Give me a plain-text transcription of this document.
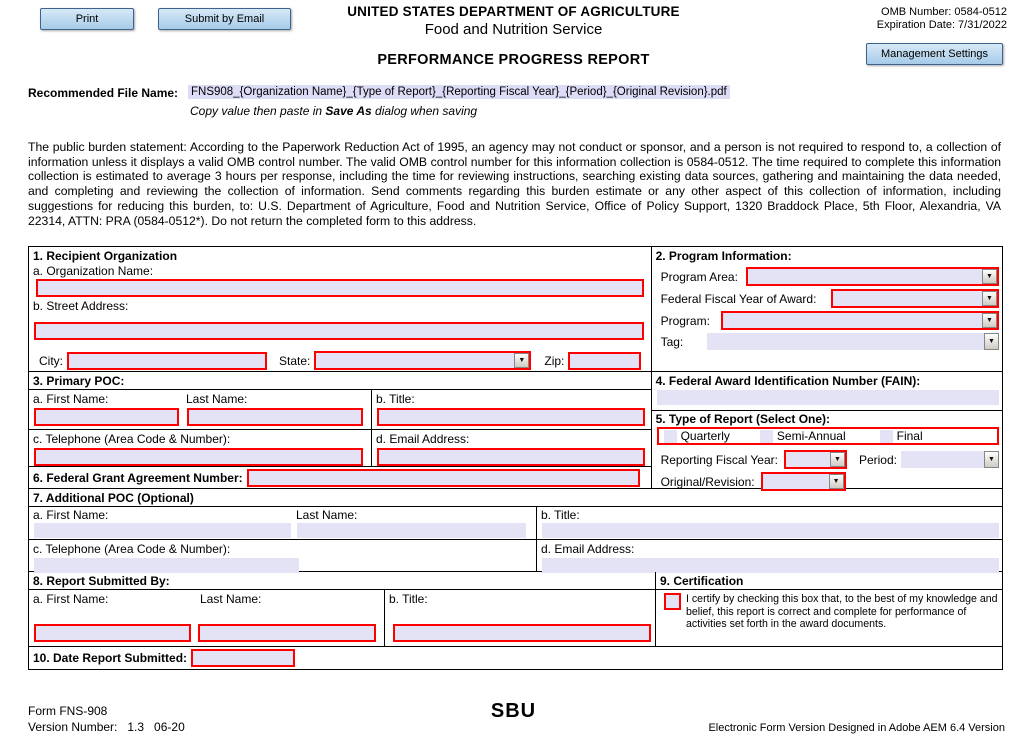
Print	Submit by Email	UNITED STATES DEPARTMENT OF AGRICULTURE
Food and Nutrition Service
OMB Number: 0584-0512
Expiration Date: 7/31/2022
PERFORMANCE PROGRESS REPORT	Management Settings
Recommended File Name: FNS908_{Organization Name}_{Type of Report}_{Reporting Fiscal Year}_{Period}_{Original Revision}.pdf
Copy value then paste in Save As dialog when saving
The public burden statement: According to the Paperwork Reduction Act of 1995, an agency may not conduct or sponsor, and a person is not required to respond to, a collection of information unless it displays a valid OMB control number. The valid OMB control number for this information collection is 0584-0512. The time required to complete this information collection is estimated to average 3 hours per response, including the time for reviewing instructions, searching existing data sources, gathering and maintaining the data needed, and completing and reviewing the collection of information. Send comments regarding this burden estimate or any other aspect of this collection of information, including suggestions for reducing this burden, to: U.S. Department of Agriculture, Food and Nutrition Service, Office of Policy Support, 1320 Braddock Place, 5th Floor, Alexandria, VA 22314, ATTN: PRA (0584-0512*). Do not return the completed form to this address.
1. Recipient Organization
a. Organization Name:
b. Street Address:
City:	State:	▼	Zip:
3. Primary POC:
a. First Name:	Last Name:	b. Title:
c. Telephone (Area Code & Number):	d. Email Address:
6. Federal Grant Agreement Number:
2. Program Information:
Program Area:	▼
Federal Fiscal Year of Award:	▼
Program:	▼
Tag:	▼
4. Federal Award Identification Number (FAIN):
5. Type of Report (Select One):
Quarterly	Semi-Annual	Final
Reporting Fiscal Year:	▼	Period:	▼
Original/Revision:	▼
7. Additional POC (Optional)
a. First Name:	Last Name:	b. Title:
c. Telephone (Area Code & Number):	d. Email Address:
8. Report Submitted By:
a. First Name:	Last Name:	b. Title:
9. Certification
I certify by checking this box that, to the best of my knowledge and belief, this report is correct and complete for performance of activities set forth in the award documents.
10. Date Report Submitted:
Form FNS-908
Version Number:   1.3   06-20
SBU
Electronic Form Version Designed in Adobe AEM 6.4 Version
